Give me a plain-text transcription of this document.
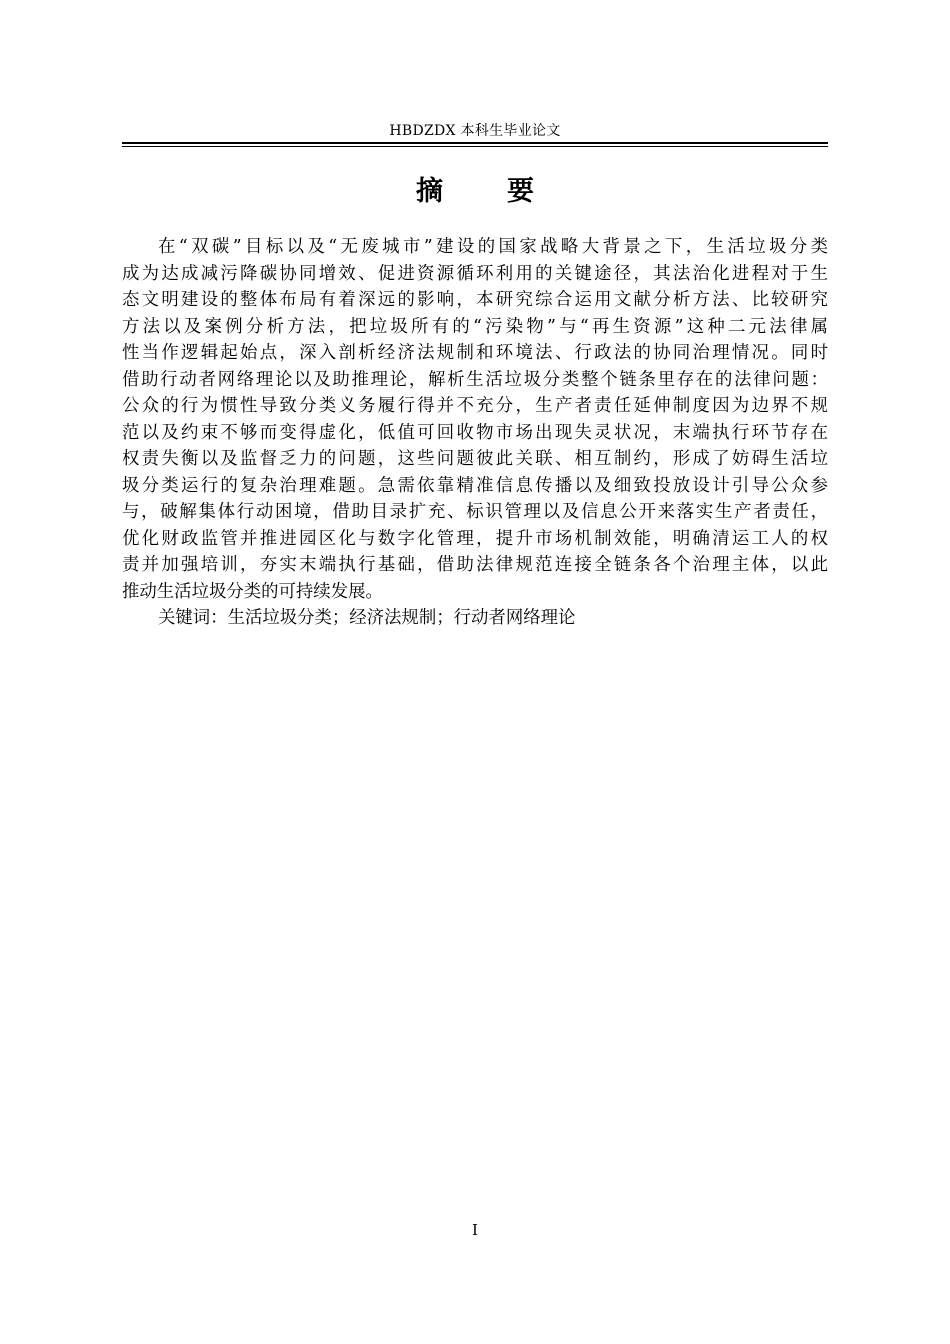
HBDZDX 本科生毕业论文
摘 要
在“双碳”目标以及“无废城市”建设的国家战略大背景之下，生活垃圾分类
成为达成减污降碳协同增效、促进资源循环利用的关键途径，其法治化进程对于生
态文明建设的整体布局有着深远的影响，本研究综合运用文献分析方法、比较研究
方法以及案例分析方法，把垃圾所有的“污染物”与“再生资源”这种二元法律属
性当作逻辑起始点，深入剖析经济法规制和环境法、行政法的协同治理情况。同时
借助行动者网络理论以及助推理论，解析生活垃圾分类整个链条里存在的法律问题：
公众的行为惯性导致分类义务履行得并不充分，生产者责任延伸制度因为边界不规
范以及约束不够而变得虚化，低值可回收物市场出现失灵状况，末端执行环节存在
权责失衡以及监督乏力的问题，这些问题彼此关联、相互制约，形成了妨碍生活垃
圾分类运行的复杂治理难题。急需依靠精准信息传播以及细致投放设计引导公众参
与，破解集体行动困境，借助目录扩充、标识管理以及信息公开来落实生产者责任，
优化财政监管并推进园区化与数字化管理，提升市场机制效能，明确清运工人的权
责并加强培训，夯实末端执行基础，借助法律规范连接全链条各个治理主体，以此
推动生活垃圾分类的可持续发展。
关键词：生活垃圾分类；经济法规制；行动者网络理论
I
